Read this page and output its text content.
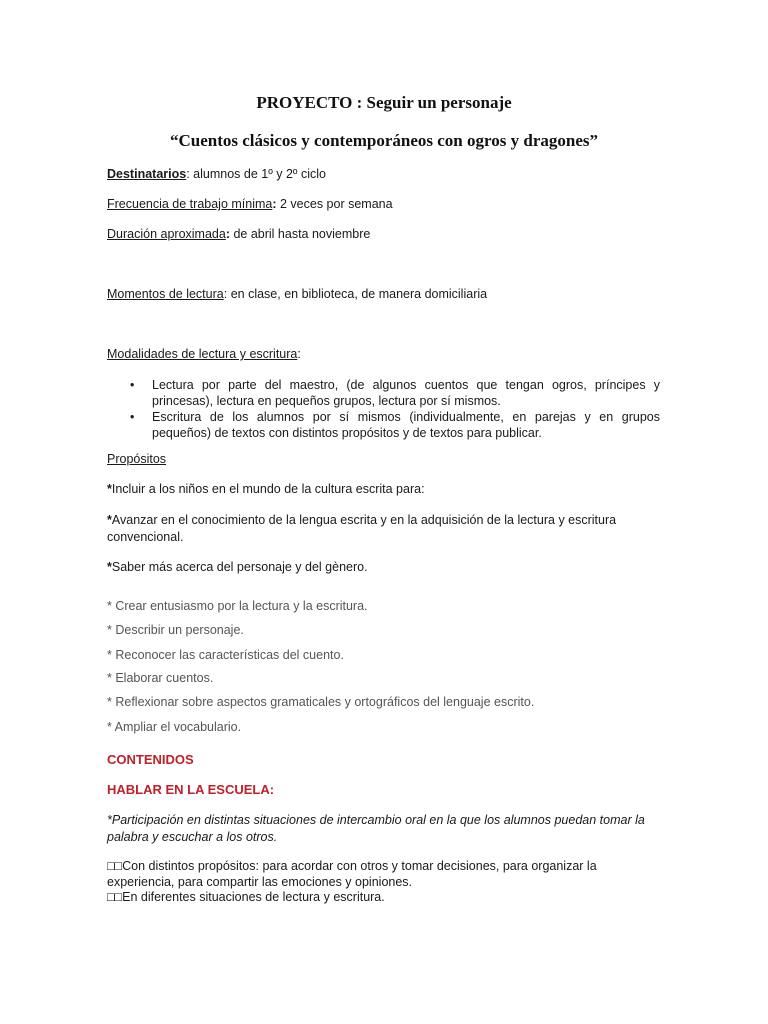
PROYECTO : Seguir un personaje
“Cuentos clásicos y contemporáneos con ogros y dragones”
Destinatarios: alumnos de 1º y 2º ciclo
Frecuencia de trabajo mínima: 2 veces por semana
Duración aproximada: de abril hasta noviembre
Momentos de lectura: en clase, en biblioteca, de manera domiciliaria
Modalidades de lectura y escritura:
• Lectura por parte del maestro, (de algunos cuentos que tengan ogros, príncipes y princesas), lectura en pequeños grupos, lectura por sí mismos.
• Escritura de los alumnos por sí mismos (individualmente, en parejas y en grupos pequeños) de textos con distintos propósitos y de textos para publicar.
Propósitos
*Incluir a los niños en el mundo de la cultura escrita para:
*Avanzar en el conocimiento de la lengua escrita y en la adquisición de la lectura y escritura convencional.
*Saber más acerca del personaje y del gènero.
* Crear entusiasmo por la lectura y la escritura.
* Describir un personaje.
* Reconocer las características del cuento.
* Elaborar cuentos.
* Reflexionar sobre aspectos gramaticales y ortográficos del lenguaje escrito.
* Ampliar el vocabulario.
CONTENIDOS
HABLAR EN LA ESCUELA:
*Participación en distintas situaciones de intercambio oral en la que los alumnos puedan tomar la palabra y escuchar a los otros.
□□Con distintos propósitos: para acordar con otros y tomar decisiones, para organizar la experiencia, para compartir las emociones y opiniones.
□□En diferentes situaciones de lectura y escritura.
